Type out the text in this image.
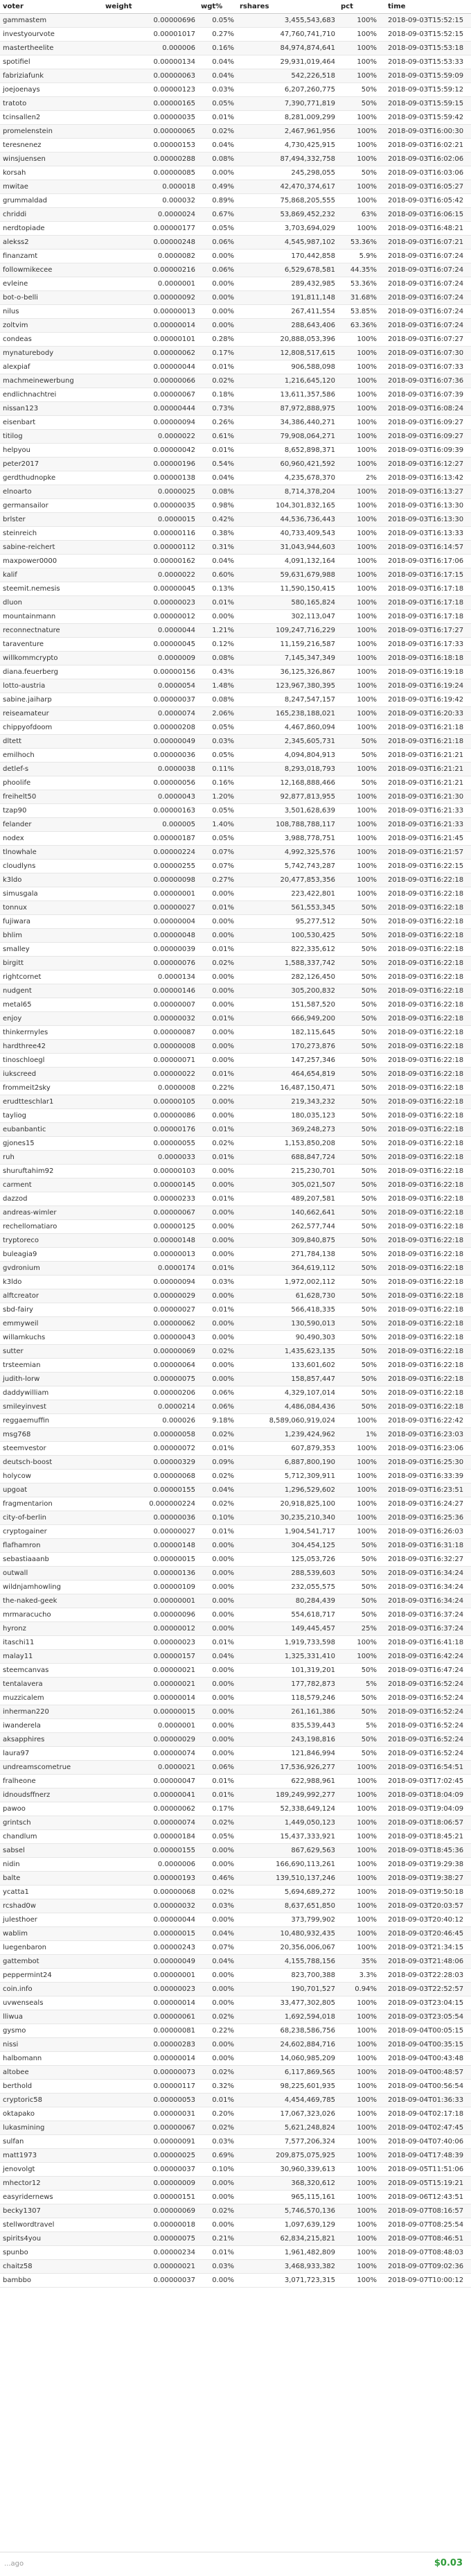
voter	weight	wgt%	rshares	pct	time
gammastem	0.00000696	0.05%	3,455,543,683	100%	2018-09-03T15:52:15
investyourvote	0.00001017	0.27%	47,760,741,710	100%	2018-09-03T15:52:15
mastertheelite	0.000006	0.16%	84,974,874,641	100%	2018-09-03T15:53:18
spotifiel	0.00000134	0.04%	29,931,019,464	100%	2018-09-03T15:53:33
fabriziafunk	0.00000063	0.04%	542,226,518	100%	2018-09-03T15:59:09
joejoenays	0.00000123	0.03%	6,207,260,775	50%	2018-09-03T15:59:12
tratoto	0.00000165	0.05%	7,390,771,819	50%	2018-09-03T15:59:15
tcinsallen2	0.00000035	0.01%	8,281,009,299	100%	2018-09-03T15:59:42
promelenstein	0.00000065	0.02%	2,467,961,956	100%	2018-09-03T16:00:30
teresnenez	0.00000153	0.04%	4,730,425,915	100%	2018-09-03T16:02:21
winsjuensen	0.00000288	0.08%	87,494,332,758	100%	2018-09-03T16:02:06
korsah	0.00000085	0.00%	245,298,055	50%	2018-09-03T16:03:06
mwitae	0.000018	0.49%	42,470,374,617	100%	2018-09-03T16:05:27
grummaldad	0.000032	0.89%	75,868,205,555	100%	2018-09-03T16:05:42
chriddi	0.0000024	0.67%	53,869,452,232	63%	2018-09-03T16:06:15
nerdtopiade	0.00000177	0.05%	3,703,694,029	100%	2018-09-03T16:48:21
alekss2	0.00000248	0.06%	4,545,987,102	53.36%	2018-09-03T16:07:21
finanzamt	0.0000082	0.00%	170,442,858	5.9%	2018-09-03T16:07:24
followmikecee	0.00000216	0.06%	6,529,678,581	44.35%	2018-09-03T16:07:24
evleine	0.0000001	0.00%	289,432,985	53.36%	2018-09-03T16:07:24
bot-o-belli	0.00000092	0.00%	191,811,148	31.68%	2018-09-03T16:07:24
nilus	0.00000013	0.00%	267,411,554	53.85%	2018-09-03T16:07:24
zoltvim	0.00000014	0.00%	288,643,406	63.36%	2018-09-03T16:07:24
condeas	0.00000101	0.28%	20,888,053,396	100%	2018-09-03T16:07:27
mynaturebody	0.00000062	0.17%	12,808,517,615	100%	2018-09-03T16:07:30
alexpiaf	0.00000044	0.01%	906,588,098	100%	2018-09-03T16:07:33
machmeinewerbung	0.00000066	0.02%	1,216,645,120	100%	2018-09-03T16:07:36
endlichnachtrei	0.00000067	0.18%	13,611,357,586	100%	2018-09-03T16:07:39
nissan123	0.00000444	0.73%	87,972,888,975	100%	2018-09-03T16:08:24
eisenbart	0.00000094	0.26%	34,386,440,271	100%	2018-09-03T16:09:27
titilog	0.0000022	0.61%	79,908,064,271	100%	2018-09-03T16:09:27
helpyou	0.00000042	0.01%	8,652,898,371	100%	2018-09-03T16:09:39
peter2017	0.00000196	0.54%	60,960,421,592	100%	2018-09-03T16:12:27
gerdthudnopke	0.00000138	0.04%	4,235,678,370	2%	2018-09-03T16:13:42
elnoarto	0.0000025	0.08%	8,714,378,204	100%	2018-09-03T16:13:27
germansailor	0.00000035	0.98%	104,301,832,165	100%	2018-09-03T16:13:30
brlster	0.0000015	0.42%	44,536,736,443	100%	2018-09-03T16:13:30
steinreich	0.00000116	0.38%	40,733,409,543	100%	2018-09-03T16:13:33
sabine-reichert	0.00000112	0.31%	31,043,944,603	100%	2018-09-03T16:14:57
maxpower0000	0.00000162	0.04%	4,091,132,164	100%	2018-09-03T16:17:06
kalif	0.0000022	0.60%	59,631,679,988	100%	2018-09-03T16:17:15
steemit.nemesis	0.00000045	0.13%	11,590,150,415	100%	2018-09-03T16:17:18
dluon	0.00000023	0.01%	580,165,824	100%	2018-09-03T16:17:18
mountainmann	0.00000012	0.00%	302,113,047	100%	2018-09-03T16:17:18
reconnectnature	0.0000044	1.21%	109,247,716,229	100%	2018-09-03T16:17:27
taraventure	0.00000045	0.12%	11,159,216,587	100%	2018-09-03T16:17:33
willkommcrypto	0.0000009	0.08%	7,145,347,349	100%	2018-09-03T16:18:18
diana.feuerberg	0.00000156	0.43%	36,125,326,867	100%	2018-09-03T16:19:18
lotto-austria	0.0000054	1.48%	123,967,380,395	100%	2018-09-03T16:19:24
sabine.jaiharp	0.00000037	0.08%	8,247,547,157	100%	2018-09-03T16:19:42
reiseamateur	0.0000074	2.06%	165,238,188,021	100%	2018-09-03T16:20:33
chippyofdoom	0.00000208	0.05%	4,467,860,094	100%	2018-09-03T16:21:18
dltett	0.00000049	0.03%	2,345,605,731	50%	2018-09-03T16:21:18
emilhoch	0.00000036	0.05%	4,094,804,913	50%	2018-09-03T16:21:21
detlef-s	0.0000038	0.11%	8,293,018,793	100%	2018-09-03T16:21:21
phoolife	0.00000056	0.16%	12,168,888,466	50%	2018-09-03T16:21:21
freihelt50	0.0000043	1.20%	92,877,813,955	100%	2018-09-03T16:21:30
tzap90	0.00000163	0.05%	3,501,628,639	100%	2018-09-03T16:21:33
felander	0.000005	1.40%	108,788,788,117	100%	2018-09-03T16:21:33
nodex	0.00000187	0.05%	3,988,778,751	100%	2018-09-03T16:21:45
tlnowhale	0.00000224	0.07%	4,992,325,576	100%	2018-09-03T16:21:57
cloudlyns	0.00000255	0.07%	5,742,743,287	100%	2018-09-03T16:22:15
k3ldo	0.00000098	0.27%	20,477,853,356	100%	2018-09-03T16:22:18
simusgala	0.00000001	0.00%	223,422,801	100%	2018-09-03T16:22:18
tonnux	0.00000027	0.01%	561,553,345	50%	2018-09-03T16:22:18
fujiwara	0.00000004	0.00%	95,277,512	50%	2018-09-03T16:22:18
bhlim	0.00000048	0.00%	100,530,425	50%	2018-09-03T16:22:18
smalley	0.00000039	0.01%	822,335,612	50%	2018-09-03T16:22:18
birgitt	0.00000076	0.02%	1,588,337,742	50%	2018-09-03T16:22:18
rightcornet	0.0000134	0.00%	282,126,450	50%	2018-09-03T16:22:18
nudgent	0.00000146	0.00%	305,200,832	50%	2018-09-03T16:22:18
metal65	0.00000007	0.00%	151,587,520	50%	2018-09-03T16:22:18
enjoy	0.00000032	0.01%	666,949,200	50%	2018-09-03T16:22:18
thinkerrnyles	0.00000087	0.00%	182,115,645	50%	2018-09-03T16:22:18
hardthree42	0.00000008	0.00%	170,273,876	50%	2018-09-03T16:22:18
tinoschloegl	0.00000071	0.00%	147,257,346	50%	2018-09-03T16:22:18
iukscreed	0.00000022	0.01%	464,654,819	50%	2018-09-03T16:22:18
frommeit2sky	0.0000008	0.22%	16,487,150,471	50%	2018-09-03T16:22:18
erudtteschlar1	0.00000105	0.00%	219,343,232	50%	2018-09-03T16:22:18
tayliog	0.00000086	0.00%	180,035,123	50%	2018-09-03T16:22:18
eubanbantic	0.00000176	0.01%	369,248,273	50%	2018-09-03T16:22:18
gjones15	0.00000055	0.02%	1,153,850,208	50%	2018-09-03T16:22:18
ruh	0.0000033	0.01%	688,847,724	50%	2018-09-03T16:22:18
shuruftahim92	0.00000103	0.00%	215,230,701	50%	2018-09-03T16:22:18
carment	0.00000145	0.00%	305,021,507	50%	2018-09-03T16:22:18
dazzod	0.00000233	0.01%	489,207,581	50%	2018-09-03T16:22:18
andreas-wimler	0.00000067	0.00%	140,662,641	50%	2018-09-03T16:22:18
rechellomatiaro	0.00000125	0.00%	262,577,744	50%	2018-09-03T16:22:18
tryptoreco	0.00000148	0.00%	309,840,875	50%	2018-09-03T16:22:18
buleagia9	0.00000013	0.00%	271,784,138	50%	2018-09-03T16:22:18
gvdronium	0.0000174	0.01%	364,619,112	50%	2018-09-03T16:22:18
k3ldo	0.00000094	0.03%	1,972,002,112	50%	2018-09-03T16:22:18
alftcreator	0.00000029	0.00%	61,628,730	50%	2018-09-03T16:22:18
sbd-fairy	0.00000027	0.01%	566,418,335	50%	2018-09-03T16:22:18
emmyweil	0.00000062	0.00%	130,590,013	50%	2018-09-03T16:22:18
willamkuchs	0.00000043	0.00%	90,490,303	50%	2018-09-03T16:22:18
sutter	0.00000069	0.02%	1,435,623,135	50%	2018-09-03T16:22:18
trsteemian	0.00000064	0.00%	133,601,602	50%	2018-09-03T16:22:18
judith-lorw	0.00000075	0.00%	158,857,447	50%	2018-09-03T16:22:18
daddywilliam	0.00000206	0.06%	4,329,107,014	50%	2018-09-03T16:22:18
smileyinvest	0.0000214	0.06%	4,486,084,436	50%	2018-09-03T16:22:18
reggaemuffin	0.000026	9.18%	8,589,060,919,024	100%	2018-09-03T16:22:42
msg768	0.00000058	0.02%	1,239,424,962	1%	2018-09-03T16:23:03
steemvestor	0.00000072	0.01%	607,879,353	100%	2018-09-03T16:23:06
deutsch-boost	0.00000329	0.09%	6,887,800,190	100%	2018-09-03T16:25:30
holycow	0.00000068	0.02%	5,712,309,911	100%	2018-09-03T16:33:39
upgoat	0.00000155	0.04%	1,296,529,602	100%	2018-09-03T16:23:51
fragmentarion	0.000000224	0.02%	20,918,825,100	100%	2018-09-03T16:24:27
city-of-berlin	0.00000036	0.10%	30,235,210,340	100%	2018-09-03T16:25:36
cryptogainer	0.00000027	0.01%	1,904,541,717	100%	2018-09-03T16:26:03
flafhamron	0.00000148	0.00%	304,454,125	50%	2018-09-03T16:31:18
sebastiaaanb	0.00000015	0.00%	125,053,726	50%	2018-09-03T16:32:27
outwall	0.00000136	0.00%	288,539,603	50%	2018-09-03T16:34:24
wildnjamhowling	0.00000109	0.00%	232,055,575	50%	2018-09-03T16:34:24
the-naked-geek	0.00000001	0.00%	80,284,439	50%	2018-09-03T16:34:24
mrmaracucho	0.00000096	0.00%	554,618,717	50%	2018-09-03T16:37:24
hyronz	0.00000012	0.00%	149,445,457	25%	2018-09-03T16:37:24
itaschi11	0.00000023	0.01%	1,919,733,598	100%	2018-09-03T16:41:18
malay11	0.00000157	0.04%	1,325,331,410	100%	2018-09-03T16:42:24
steemcanvas	0.00000021	0.00%	101,319,201	50%	2018-09-03T16:47:24
tentalavera	0.00000021	0.00%	177,782,873	5%	2018-09-03T16:52:24
muzzicalem	0.00000014	0.00%	118,579,246	50%	2018-09-03T16:52:24
inherman220	0.00000015	0.00%	261,161,386	50%	2018-09-03T16:52:24
iwanderela	0.0000001	0.00%	835,539,443	5%	2018-09-03T16:52:24
aksapphires	0.00000029	0.00%	243,198,816	50%	2018-09-03T16:52:24
laura97	0.00000074	0.00%	121,846,994	50%	2018-09-03T16:52:24
undreamscometrue	0.0000021	0.06%	17,536,926,277	100%	2018-09-03T16:54:51
fralheone	0.00000047	0.01%	622,988,961	100%	2018-09-03T17:02:45
idnoudsffnerz	0.00000041	0.01%	189,249,992,277	100%	2018-09-03T18:04:09
pawoo	0.00000062	0.17%	52,338,649,124	100%	2018-09-03T19:04:09
grintsch	0.00000074	0.02%	1,449,050,123	100%	2018-09-03T18:06:57
chandlum	0.00000184	0.05%	15,437,333,921	100%	2018-09-03T18:45:21
sabsel	0.00000155	0.00%	867,629,563	100%	2018-09-03T18:45:36
nidin	0.0000006	0.00%	166,690,113,261	100%	2018-09-03T19:29:38
balte	0.00000193	0.46%	139,510,137,246	100%	2018-09-03T19:38:27
ycatta1	0.00000068	0.02%	5,694,689,272	100%	2018-09-03T19:50:18
rcshad0w	0.00000032	0.03%	8,637,651,850	100%	2018-09-03T20:03:57
julesthoer	0.00000044	0.00%	373,799,902	100%	2018-09-03T20:40:12
wablim	0.00000015	0.04%	10,480,932,435	100%	2018-09-03T20:46:45
luegenbaron	0.00000243	0.07%	20,356,006,067	100%	2018-09-03T21:34:15
gattembot	0.00000049	0.04%	4,155,788,156	35%	2018-09-03T21:48:06
peppermint24	0.00000001	0.00%	823,700,388	3.3%	2018-09-03T22:28:03
coin.info	0.00000023	0.00%	190,701,527	0.94%	2018-09-03T22:52:57
uvwenseals	0.00000014	0.00%	33,477,302,805	100%	2018-09-03T23:04:15
lliwua	0.00000061	0.02%	1,692,594,018	100%	2018-09-03T23:05:54
gysmo	0.00000081	0.22%	68,238,586,756	100%	2018-09-04T00:05:15
nissi	0.00000283	0.00%	24,602,884,716	100%	2018-09-04T00:35:15
halbomann	0.00000014	0.00%	14,060,985,209	100%	2018-09-04T00:43:48
altobee	0.00000073	0.02%	6,117,869,565	100%	2018-09-04T00:48:57
berthold	0.00000117	0.32%	98,225,601,935	100%	2018-09-04T00:56:54
cryptoric58	0.00000053	0.01%	4,454,469,785	100%	2018-09-04T01:36:33
oktapako	0.00000031	0.20%	17,067,323,026	100%	2018-09-04T02:17:18
lukasmining	0.00000067	0.02%	5,621,248,824	100%	2018-09-04T02:47:45
sulfan	0.00000091	0.03%	7,577,206,324	100%	2018-09-04T07:40:06
matt1973	0.00000025	0.69%	209,875,075,925	100%	2018-09-04T17:48:39
jenovolgt	0.00000037	0.10%	30,960,339,613	100%	2018-09-05T11:51:06
mhector12	0.00000009	0.00%	368,320,612	100%	2018-09-05T15:19:21
easyridernews	0.00000151	0.00%	965,115,161	100%	2018-09-06T12:43:51
becky1307	0.00000069	0.02%	5,746,570,136	100%	2018-09-07T08:16:57
stellwordtravel	0.00000018	0.00%	1,097,639,129	100%	2018-09-07T08:25:54
spirits4you	0.00000075	0.21%	62,834,215,821	100%	2018-09-07T08:46:51
spunbo	0.00000234	0.01%	1,961,482,809	100%	2018-09-07T08:48:03
chaitz58	0.00000021	0.03%	3,468,933,382	100%	2018-09-07T09:02:36
bambbo	0.00000037	0.00%	3,071,723,315	100%	2018-09-07T10:00:12
...ago	$0.03
